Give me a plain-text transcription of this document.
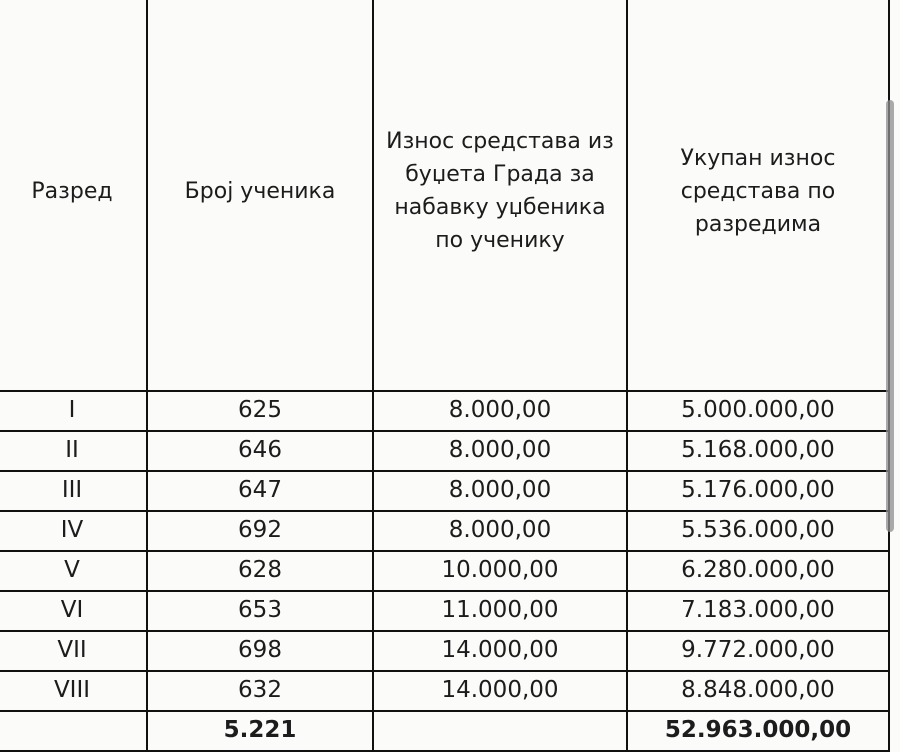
Разред	Број ученика	Износ средстава из буџета Града за набавку уџбеника по ученику	Укупан износ средстава по разредима
I	625	8.000,00	5.000.000,00
II	646	8.000,00	5.168.000,00
III	647	8.000,00	5.176.000,00
IV	692	8.000,00	5.536.000,00
V	628	10.000,00	6.280.000,00
VI	653	11.000,00	7.183.000,00
VII	698	14.000,00	9.772.000,00
VIII	632	14.000,00	8.848.000,00
	5.221		52.963.000,00
